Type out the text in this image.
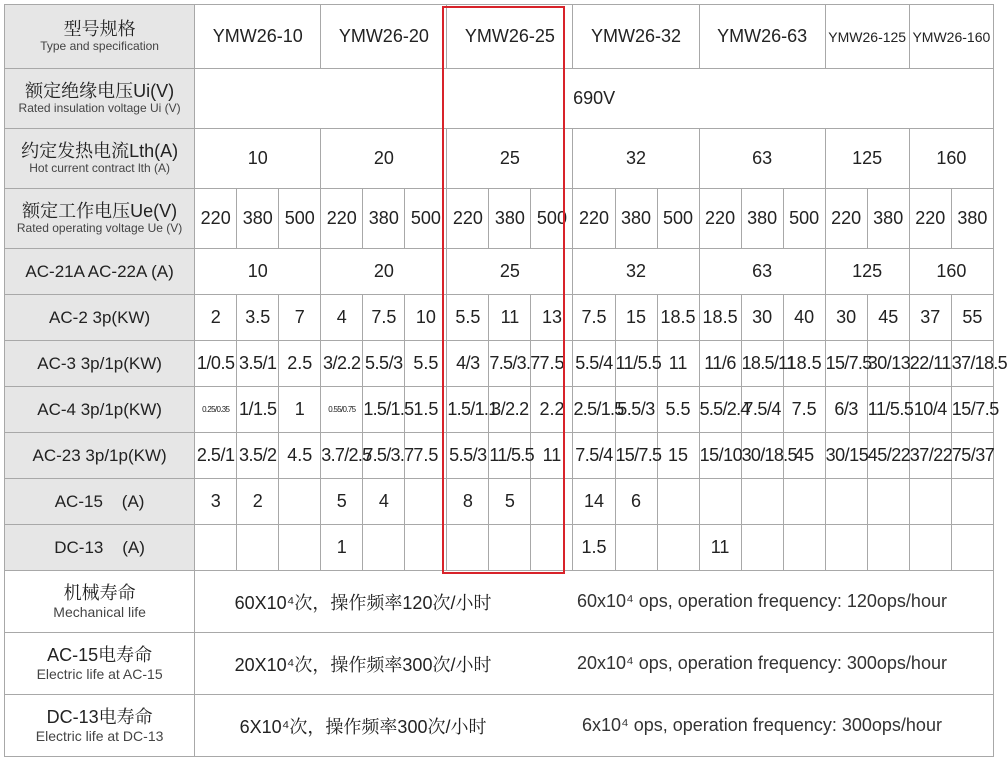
型号规格
Type and specification	YMW26-10			YMW26-20			YMW26-25			YMW26-32			YMW26-63			YMW26-125		YMW26-160	

额定绝缘电压Ui(V)
Rated insulation voltage Ui (V)	690V																		

约定发热电流Lth(A)
Hot current contract lth (A)	10			20			25			32			63			125		160	

额定工作电压Ue(V)
Rated operating voltage Ue (V)	220	380	500	220	380	500	220	380	500	220	380	500	220	380	500	220	380	220	380

AC-21A AC-22A (A)	10			20			25			32			63			125		160	

AC-2 3p(KW)	2	3.5	7	4	7.5	10	5.5	11	13	7.5	15	18.5	18.5	30	40	30	45	37	55

AC-3 3p/1p(KW)	1/0.5	3.5/1	2.5	3/2.2	5.5/3	5.5	4/3	7.5/3.7	7.5	5.5/4	11/5.5	11	11/6	18.5/11	18.5	15/7.5	30/13	22/11	37/18.5

AC-4 3p/1p(KW)	0.25/0.35	1/1.5	1	0.55/0.75	1.5/1.5	1.5	1.5/1.1	3/2.2	2.2	2.5/1.5	5.5/3	5.5	5.5/2.4	7.5/4	7.5	6/3	11/5.5	10/4	15/7.5

AC-23 3p/1p(KW)	2.5/1	3.5/2	4.5	3.7/2.5	7.5/3.7	7.5	5.5/3	11/5.5	11	7.5/4	15/7.5	15	15/10	30/18.5	45	30/15	45/22	37/22	75/37

AC-15    (A)	3	2		5	4		8	5		14	6								

DC-13    (A)				1						1.5			11						

机械寿命
Mechanical life	60X10⁴次，操作频率120次/小时								60x10⁴ ops, operation frequency: 120ops/hour										

AC-15电寿命
Electric life at AC-15	20X10⁴次，操作频率300次/小时								20x10⁴ ops, operation frequency: 300ops/hour										

DC-13电寿命
Electric life at DC-13	6X10⁴次，操作频率300次/小时								6x10⁴ ops, operation frequency: 300ops/hour										
